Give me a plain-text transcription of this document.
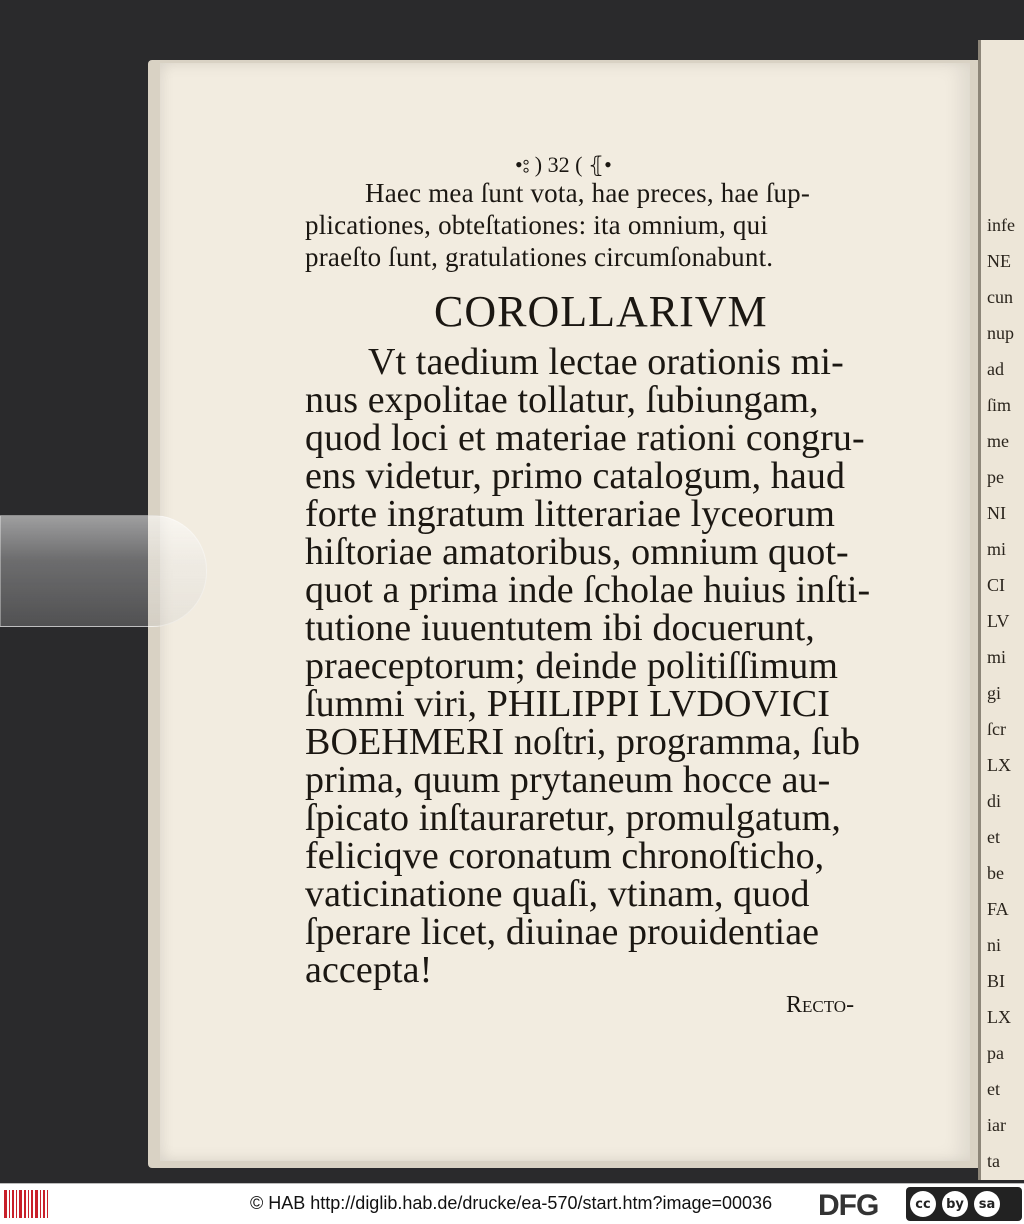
infe
NE
cun
nup
ad
ſim
me
pe
NI
mi
CI
LV
mi
gi
ſcr
LX
di
et
be
FA
ni
BI
LX
pa
et
iar
ta
•⦂ ) 32 ( ⦃•
Haec mea ſunt vota, hae preces, hae ſup-
plicationes, obteſtationes: ita omnium, qui
praeſto ſunt, gratulationes circumſonabunt.
COROLLARIVM
Vt taedium lectae orationis mi-
nus expolitae tollatur, ſubiungam,
quod loci et materiae rationi congru-
ens videtur, primo catalogum, haud
forte ingratum litterariae lyceorum
hiſtoriae amatoribus, omnium quot-
quot a prima inde ſcholae huius inſti-
tutione iuuentutem ibi docuerunt,
praeceptorum; deinde politiſſimum
ſummi viri, PHILIPPI LVDOVICI
BOEHMERI noſtri, programma, ſub
prima, quum prytaneum hocce au-
ſpicato inſtauraretur, promulgatum,
feliciqve coronatum chronoſticho,
vaticinatione quaſi, vtinam, quod
ſperare licet, diuinae prouidentiae
accepta!
Recto-
© HAB http://diglib.hab.de/drucke/ea-570/start.htm?image=00036 DFG	cc	by	sa
